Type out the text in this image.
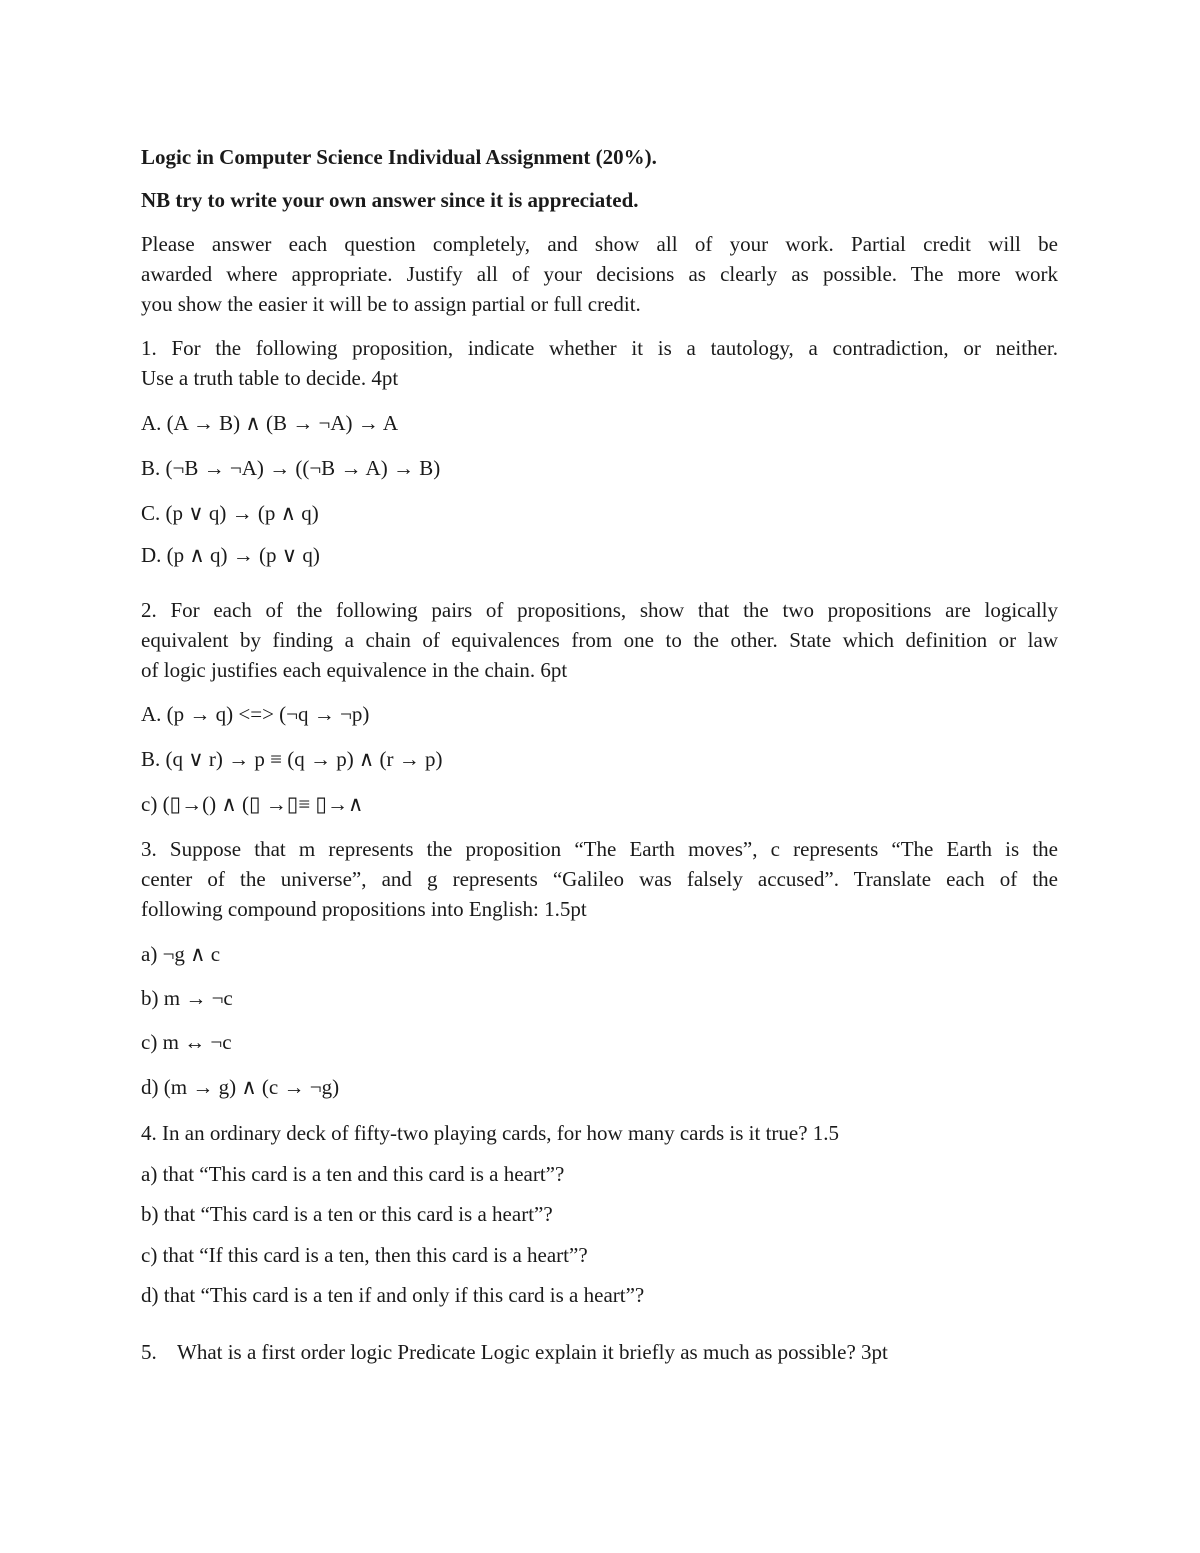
Logic in Computer Science Individual Assignment (20%).

NB try to write your own answer since it is appreciated.

Please answer each question completely, and show all of your work. Partial credit will be

awarded where appropriate. Justify all of your decisions as clearly as possible. The more work

you show the easier it will be to assign partial or full credit.

1. For the following proposition, indicate whether it is a tautology, a contradiction, or neither.

Use a truth table to decide. 4pt

A. (A → B) ∧ (B → ¬A) → A

B. (¬B → ¬A) → ((¬B → A) → B)

C. (p ∨ q) → (p ∧ q)

D. (p ∧ q) → (p ∨ q)

2. For each of the following pairs of propositions, show that the two propositions are logically

equivalent by finding a chain of equivalences from one to the other. State which definition or law

of logic justifies each equivalence in the chain. 6pt

A. (p → q) <=> (¬q → ¬p)

B. (q ∨ r) → p ≡ (q → p) ∧ (r → p)

c) (▯→() ∧ (▯ →▯≡ ▯→∧

3. Suppose that m represents the proposition “The Earth moves”, c represents “The Earth is the

center of the universe”, and g represents “Galileo was falsely accused”. Translate each of the

following compound propositions into English: 1.5pt

a) ¬g ∧ c

b) m → ¬c

c) m ↔ ¬c

d) (m → g) ∧ (c → ¬g)

4. In an ordinary deck of fifty-two playing cards, for how many cards is it true? 1.5

a) that “This card is a ten and this card is a heart”?

b) that “This card is a ten or this card is a heart”?

c) that “If this card is a ten, then this card is a heart”?

d) that “This card is a ten if and only if this card is a heart”?

5. What is a first order logic Predicate Logic explain it briefly as much as possible? 3pt
